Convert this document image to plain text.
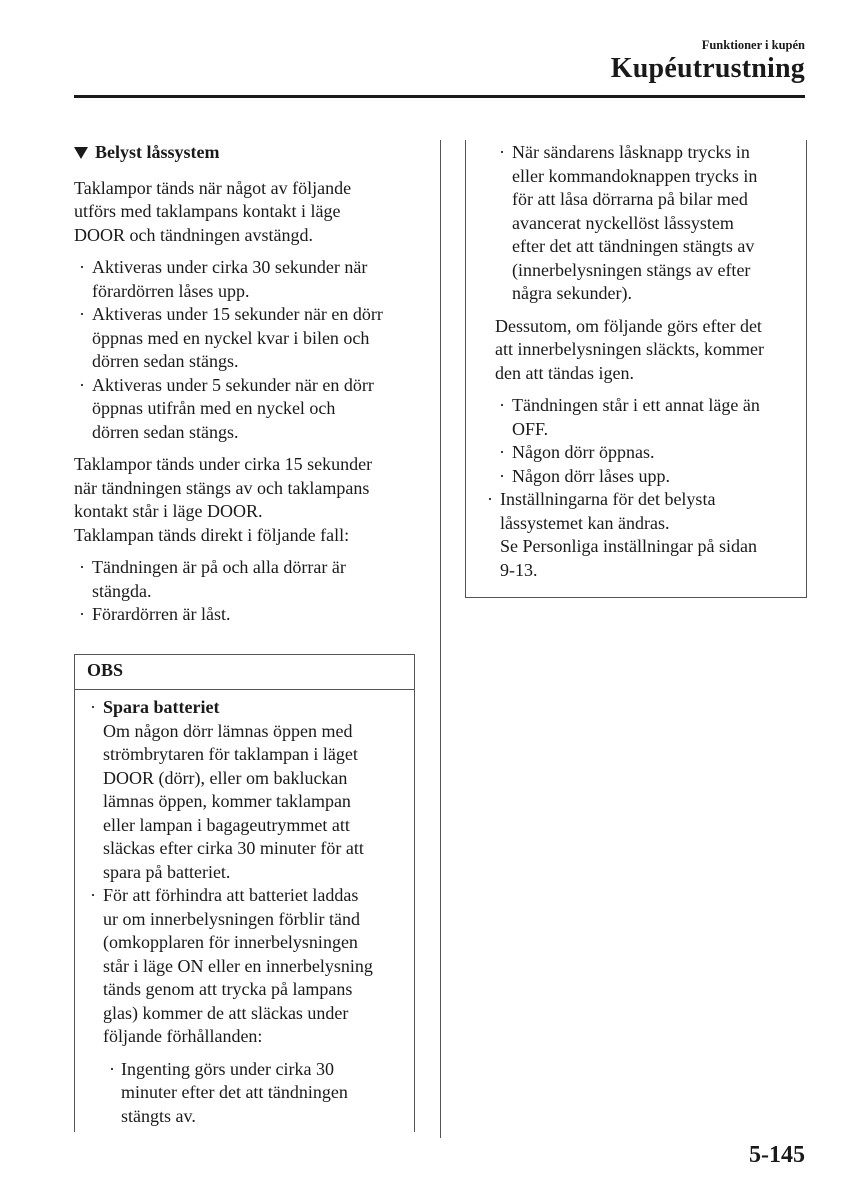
Funktioner i kupén
Kupéutrustning
Belyst låssystem

Taklampor tänds när något av följande
utförs med taklampans kontakt i läge
DOOR och tändningen avstängd.

· Aktiveras under cirka 30 sekunder när
förardörren låses upp.
· Aktiveras under 15 sekunder när en dörr
öppnas med en nyckel kvar i bilen och
dörren sedan stängs.
· Aktiveras under 5 sekunder när en dörr
öppnas utifrån med en nyckel och
dörren sedan stängs.

Taklampor tänds under cirka 15 sekunder
när tändningen stängs av och taklampans
kontakt står i läge DOOR.

Taklampan tänds direkt i följande fall:

· Tändningen är på och alla dörrar är
stängda.
· Förardörren är låst.
OBS
· Spara batteriet
Om någon dörr lämnas öppen med
strömbrytaren för taklampan i läget
DOOR (dörr), eller om bakluckan
lämnas öppen, kommer taklampan
eller lampan i bagageutrymmet att
släckas efter cirka 30 minuter för att
spara på batteriet.
· För att förhindra att batteriet laddas
ur om innerbelysningen förblir tänd
(omkopplaren för innerbelysningen
står i läge ON eller en innerbelysning
tänds genom att trycka på lampans
glas) kommer de att släckas under
följande förhållanden:
· Ingenting görs under cirka 30
minuter efter det att tändningen
stängts av.
· När sändarens låsknapp trycks in
eller kommandoknappen trycks in
för att låsa dörrarna på bilar med
avancerat nyckellöst låssystem
efter det att tändningen stängts av
(innerbelysningen stängs av efter
några sekunder).

Dessutom, om följande görs efter det
att innerbelysningen släckts, kommer
den att tändas igen.

· Tändningen står i ett annat läge än
OFF.
· Någon dörr öppnas.
· Någon dörr låses upp.
· Inställningarna för det belysta
låssystemet kan ändras.
Se Personliga inställningar på sidan
9-13.
5-145
